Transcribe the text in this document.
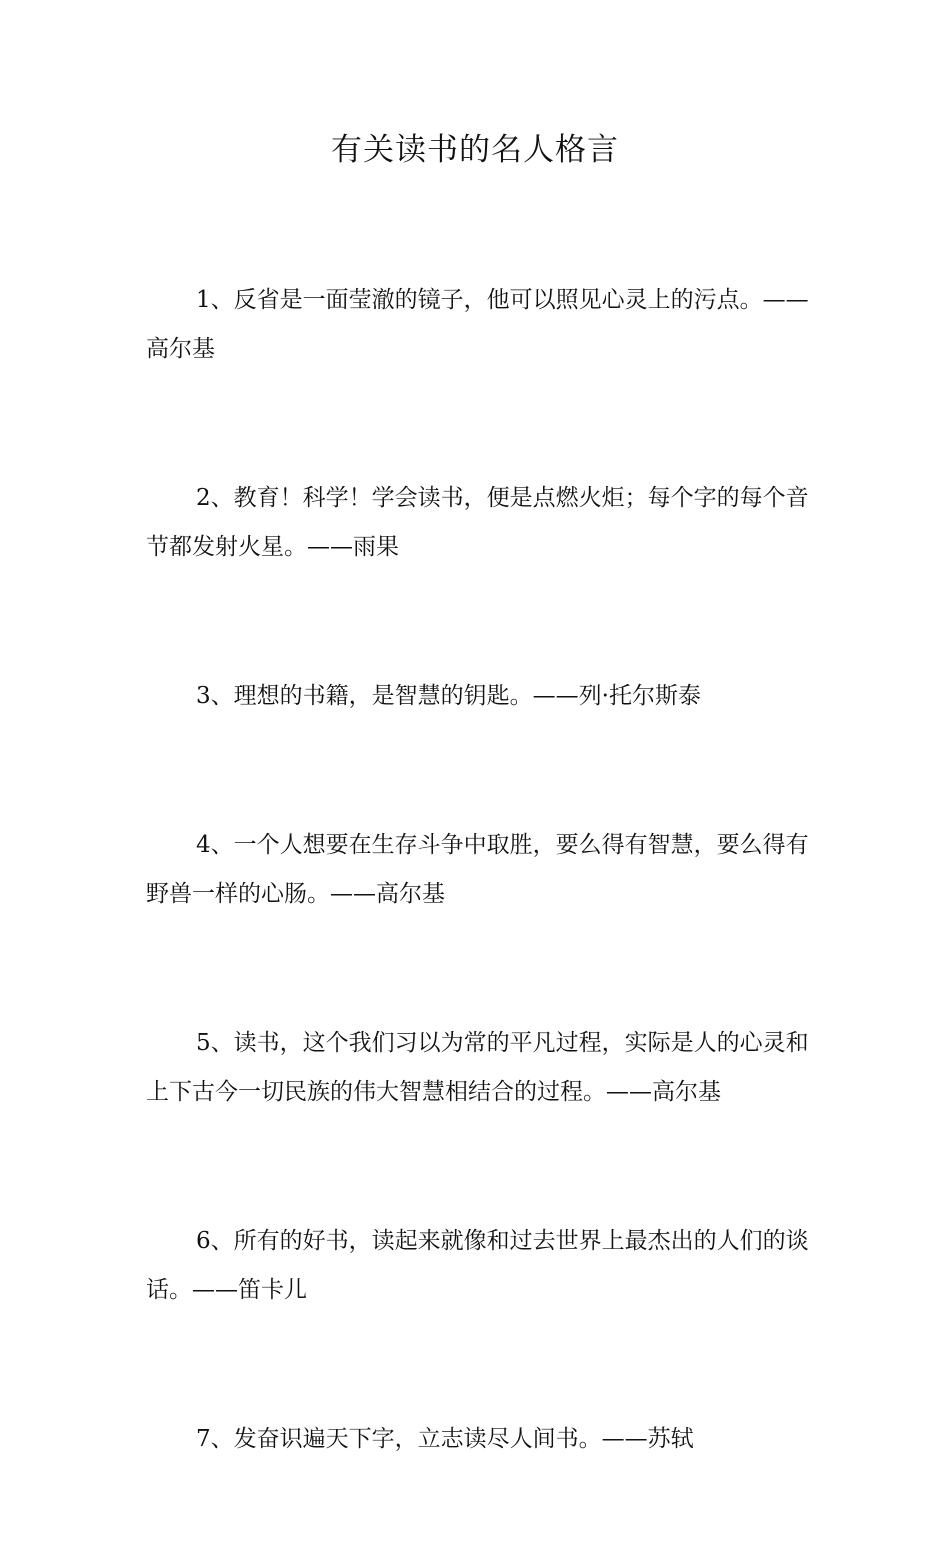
有关读书的名人格言

1、反省是一面莹澈的镜子，他可以照见心灵上的污点。——高尔基

2、教育！科学！学会读书，便是点燃火炬；每个字的每个音节都发射火星。——雨果

3、理想的书籍，是智慧的钥匙。——列·托尔斯泰

4、一个人想要在生存斗争中取胜，要么得有智慧，要么得有野兽一样的心肠。——高尔基

5、读书，这个我们习以为常的平凡过程，实际是人的心灵和上下古今一切民族的伟大智慧相结合的过程。——高尔基

6、所有的好书，读起来就像和过去世界上最杰出的人们的谈话。——笛卡儿

7、发奋识遍天下字，立志读尽人间书。——苏轼
